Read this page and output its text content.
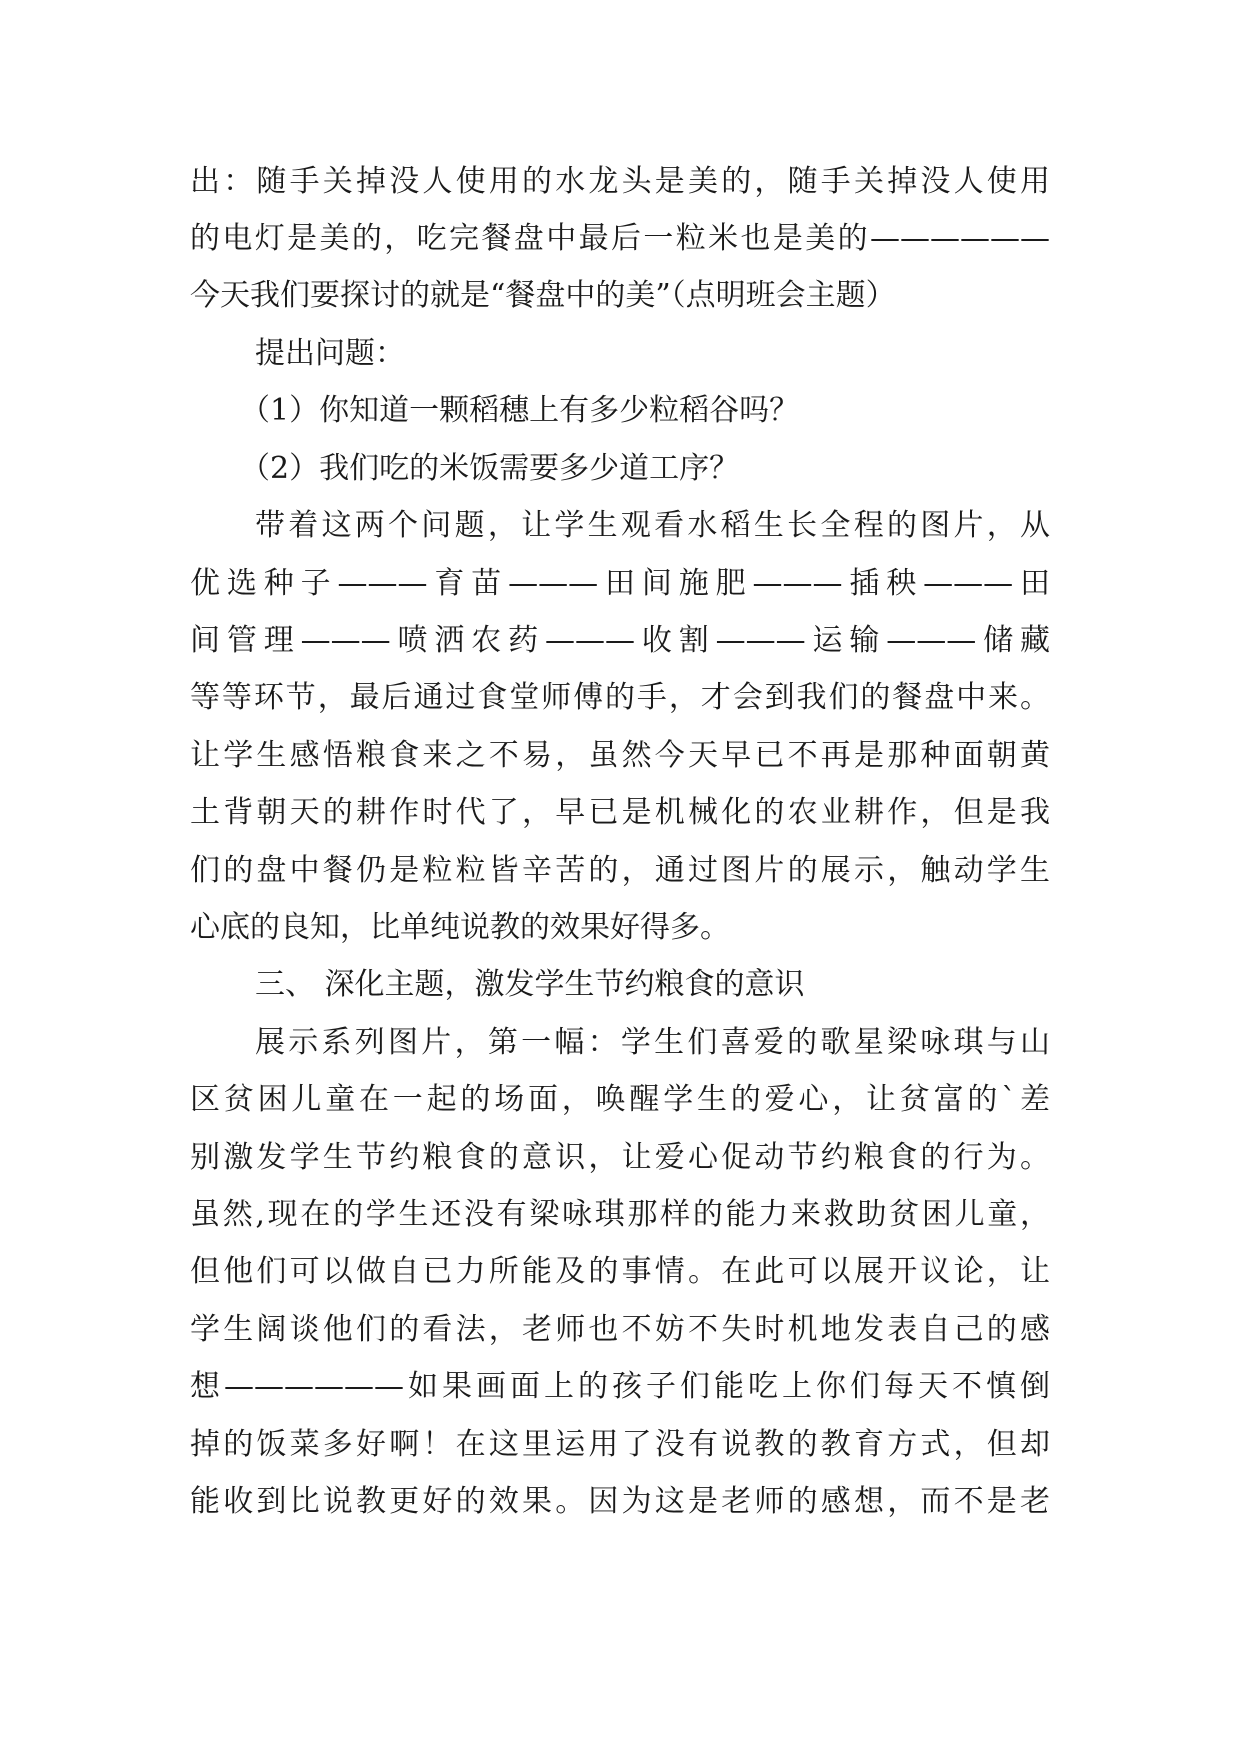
出：随手关掉没人使用的水龙头是美的，随手关掉没人使用
的电灯是美的，吃完餐盘中最后一粒米也是美的——————
今天我们要探讨的就是“餐盘中的美”（点明班会主题）
提出问题：
（1）你知道一颗稻穗上有多少粒稻谷吗？
（2）我们吃的米饭需要多少道工序？
带着这两个问题，让学生观看水稻生长全程的图片，从
优选种子———育苗———田间施肥———插秧———田
间管理———喷洒农药———收割———运输———储藏
等等环节，最后通过食堂师傅的手，才会到我们的餐盘中来。
让学生感悟粮食来之不易，虽然今天早已不再是那种面朝黄
土背朝天的耕作时代了，早已是机械化的农业耕作，但是我
们的盘中餐仍是粒粒皆辛苦的，通过图片的展示，触动学生
心底的良知，比单纯说教的效果好得多。
三、 深化主题，激发学生节约粮食的意识
展示系列图片，第一幅：学生们喜爱的歌星梁咏琪与山
区贫困儿童在一起的场面，唤醒学生的爱心，让贫富的`差
别激发学生节约粮食的意识，让爱心促动节约粮食的行为。
虽然,现在的学生还没有梁咏琪那样的能力来救助贫困儿童，
但他们可以做自已力所能及的事情。在此可以展开议论，让
学生阔谈他们的看法，老师也不妨不失时机地发表自己的感
想——————如果画面上的孩子们能吃上你们每天不慎倒
掉的饭菜多好啊！在这里运用了没有说教的教育方式，但却
能收到比说教更好的效果。因为这是老师的感想，而不是老
